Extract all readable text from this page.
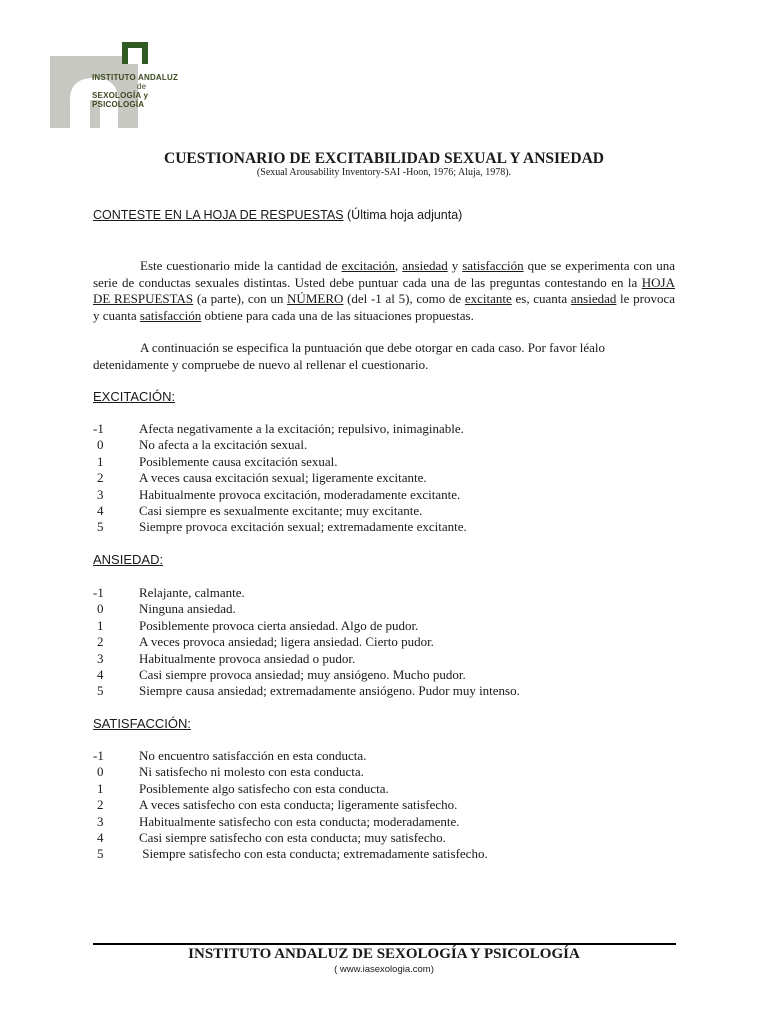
INSTITUTO ANDALUZ
de
SEXOLOGÍA y PSICOLOGÍA
CUESTIONARIO DE EXCITABILIDAD SEXUAL Y ANSIEDAD
(Sexual Arousability Inventory-SAI -Hoon, 1976; Aluja, 1978).
CONTESTE EN LA HOJA DE RESPUESTAS (Última hoja adjunta)
Este cuestionario mide la cantidad de excitación, ansiedad y satisfacción que se experimenta con una serie de conductas sexuales distintas. Usted debe puntuar cada una de las preguntas contestando en la HOJA DE RESPUESTAS (a parte), con un NÚMERO (del -1 al 5), como de excitante es, cuanta ansiedad le provoca y cuanta satisfacción obtiene para cada una de las situaciones propuestas.
A continuación se especifica la puntuación que debe otorgar en cada caso. Por favor léalo detenidamente y compruebe de nuevo al rellenar el cuestionario.
EXCITACIÓN:
-1	Afecta negativamente a la excitación; repulsivo, inimaginable.
0	No afecta a la excitación sexual.
1	Posiblemente causa excitación sexual.
2	A veces causa excitación sexual; ligeramente excitante.
3	Habitualmente provoca excitación, moderadamente excitante.
4	Casi siempre es sexualmente excitante; muy excitante.
5	Siempre provoca excitación sexual; extremadamente excitante.
ANSIEDAD:
-1	Relajante, calmante.
0	Ninguna ansiedad.
1	Posiblemente provoca cierta ansiedad. Algo de pudor.
2	A veces provoca ansiedad; ligera ansiedad. Cierto pudor.
3	Habitualmente provoca ansiedad o pudor.
4	Casi siempre provoca ansiedad; muy ansiógeno. Mucho pudor.
5	Siempre causa ansiedad; extremadamente ansiógeno. Pudor muy intenso.
SATISFACCIÓN:
-1	No encuentro satisfacción en esta conducta.
0	Ni satisfecho ni molesto con esta conducta.
1	Posiblemente algo satisfecho con esta conducta.
2	A veces satisfecho con esta conducta; ligeramente satisfecho.
3	Habitualmente satisfecho con esta conducta; moderadamente.
4	Casi siempre satisfecho con esta conducta; muy satisfecho.
5	Siempre satisfecho con esta conducta; extremadamente satisfecho.
INSTITUTO ANDALUZ DE SEXOLOGÍA Y PSICOLOGÍA
( www.iasexologia.com)
